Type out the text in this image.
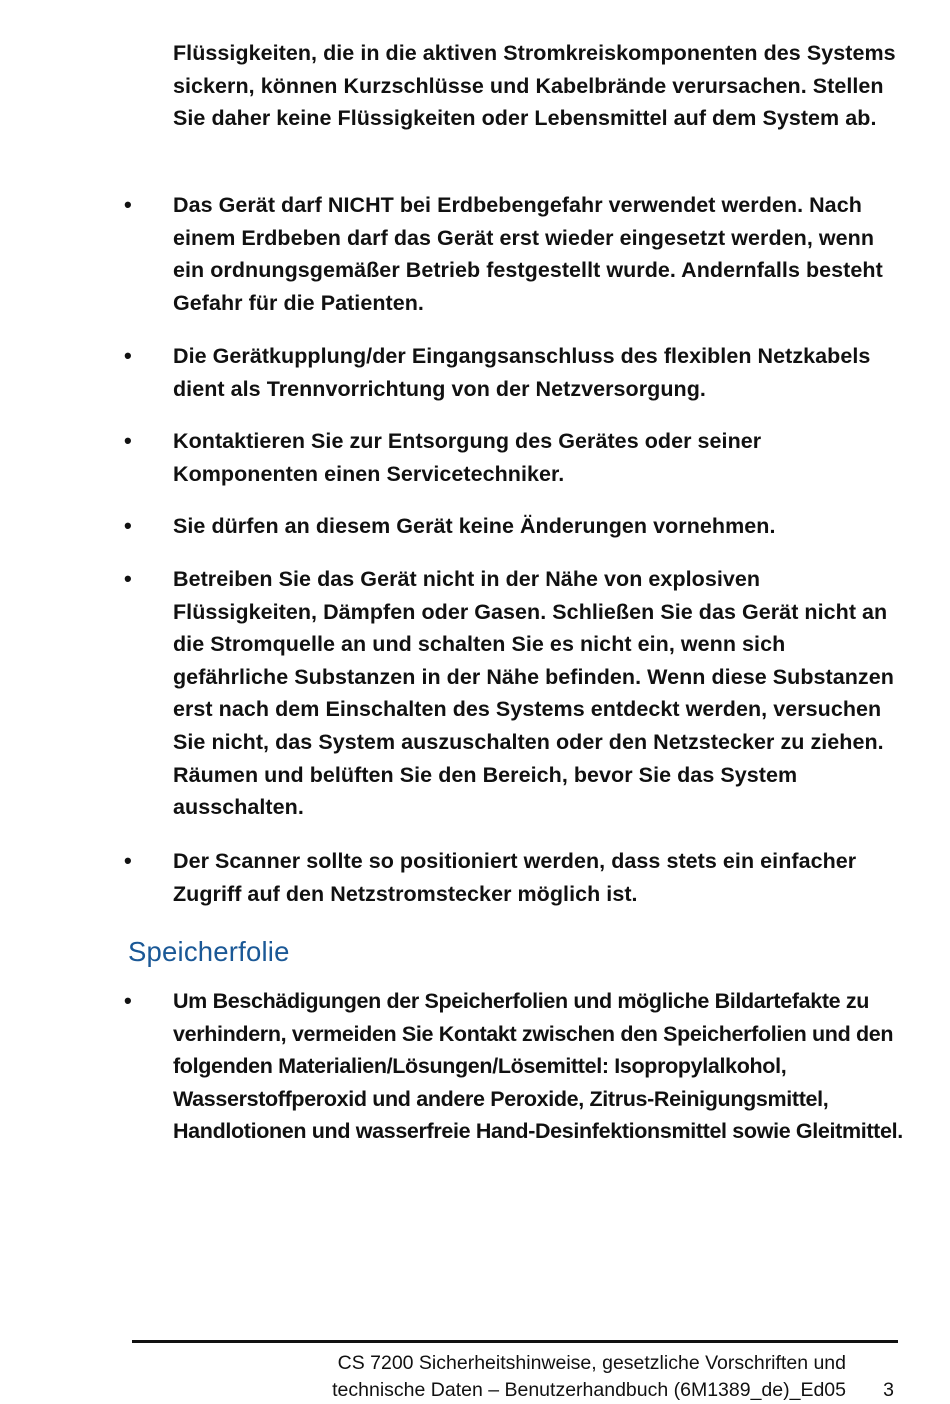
Flüssigkeiten, die in die aktiven Stromkreiskomponenten des Systems sickern, können Kurzschlüsse und Kabelbrände verursachen. Stellen Sie daher keine Flüssigkeiten oder Lebensmittel auf dem System ab.
• Das Gerät darf NICHT bei Erdbebengefahr verwendet werden. Nach einem Erdbeben darf das Gerät erst wieder eingesetzt werden, wenn ein ordnungsgemäßer Betrieb festgestellt wurde. Andernfalls besteht Gefahr für die Patienten.
• Die Gerätkupplung/der Eingangsanschluss des flexiblen Netzkabels dient als Trennvorrichtung von der Netzversorgung.
• Kontaktieren Sie zur Entsorgung des Gerätes oder seiner Komponenten einen Servicetechniker.
• Sie dürfen an diesem Gerät keine Änderungen vornehmen.
• Betreiben Sie das Gerät nicht in der Nähe von explosiven Flüssigkeiten, Dämpfen oder Gasen. Schließen Sie das Gerät nicht an die Stromquelle an und schalten Sie es nicht ein, wenn sich gefährliche Substanzen in der Nähe befinden. Wenn diese Substanzen erst nach dem Einschalten des Systems entdeckt werden, versuchen Sie nicht, das System auszuschalten oder den Netzstecker zu ziehen. Räumen und belüften Sie den Bereich, bevor Sie das System ausschalten.
• Der Scanner sollte so positioniert werden, dass stets ein einfacher Zugriff auf den Netzstromstecker möglich ist.
Speicherfolie
• Um Beschädigungen der Speicherfolien und mögliche Bildartefakte zu verhindern, vermeiden Sie Kontakt zwischen den Speicherfolien und den folgenden Materialien/Lösungen/Lösemittel: Isopropylalkohol, Wasserstoffperoxid und andere Peroxide, Zitrus-Reinigungsmittel, Handlotionen und wasserfreie Hand-Desinfektionsmittel sowie Gleitmittel.
CS 7200 Sicherheitshinweise, gesetzliche Vorschriften und
technische Daten – Benutzerhandbuch (6M1389_de)_Ed05 3
